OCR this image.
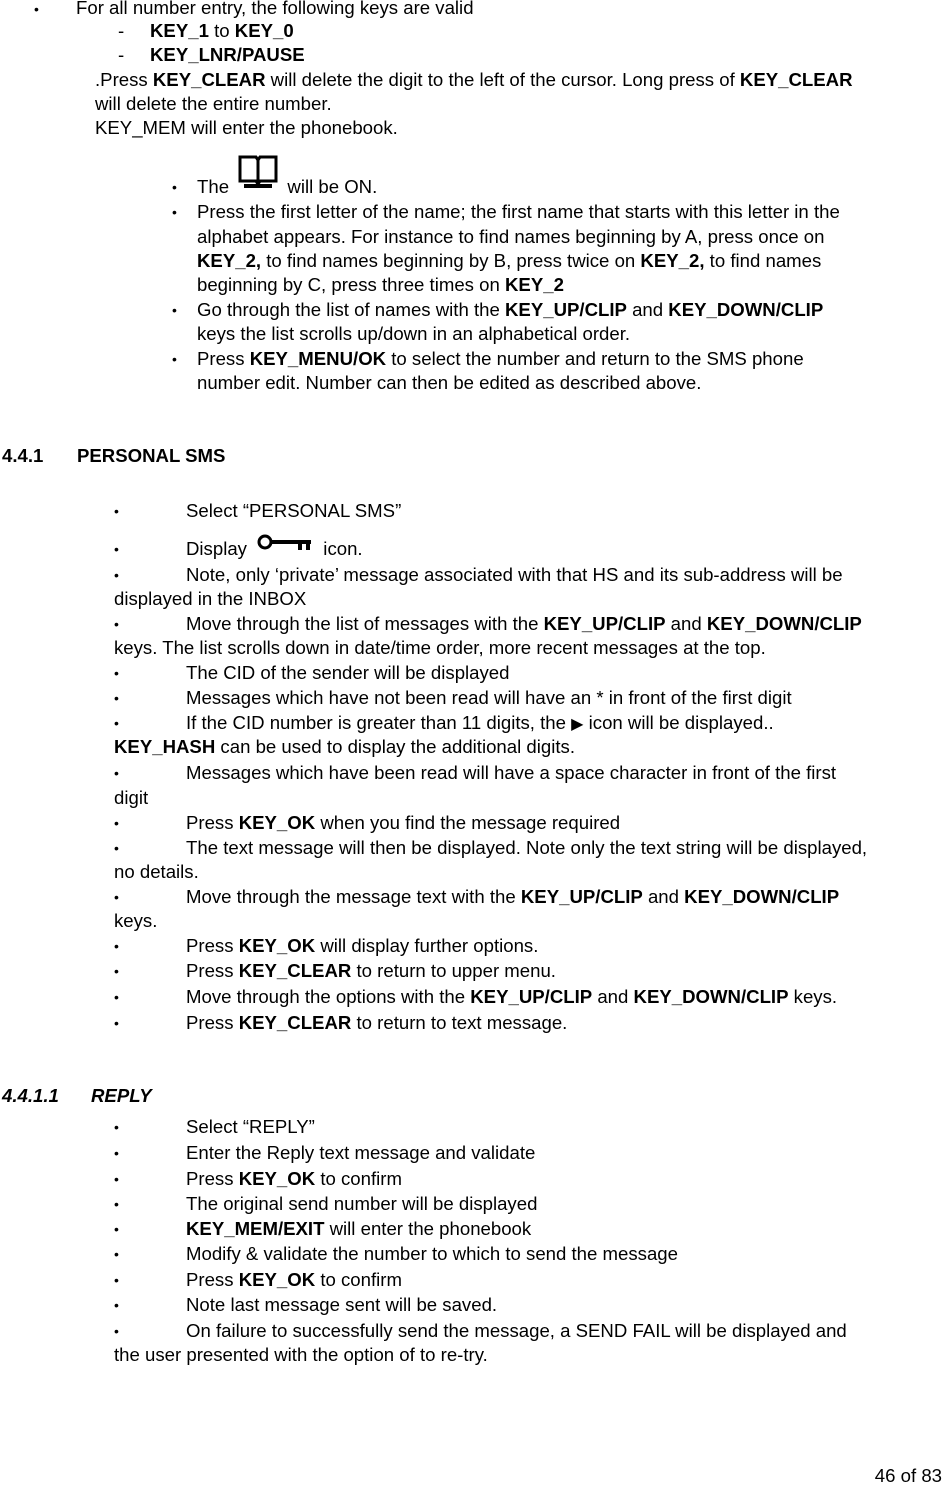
• For all number entry, the following keys are valid
- KEY_1 to KEY_0
- KEY_LNR/PAUSE
.Press KEY_CLEAR will delete the digit to the left of the cursor. Long press of KEY_CLEAR
will delete the entire number.
KEY_MEM will enter the phonebook.
• The	will be ON.
• Press the first letter of the name; the first name that starts with this letter in the
alphabet appears. For instance to find names beginning by A, press once on
KEY_2, to find names beginning by B, press twice on KEY_2, to find names
beginning by C, press three times on KEY_2
• Go through the list of names with the KEY_UP/CLIP and KEY_DOWN/CLIP
keys the list scrolls up/down in an alphabetical order.
• Press KEY_MENU/OK to select the number and return to the SMS phone
number edit. Number can then be edited as described above.
4.4.1 PERSONAL SMS
•	Select “PERSONAL SMS”
•	Display	icon.
•	Note, only ‘private’ message associated with that HS and its sub-address will be
displayed in the INBOX
•	Move through the list of messages with the KEY_UP/CLIP and KEY_DOWN/CLIP
keys. The list scrolls down in date/time order, more recent messages at the top.
•	The CID of the sender will be displayed
•	Messages which have not been read will have an * in front of the first digit
•	If the CID number is greater than 11 digits, the ▶ icon will be displayed..
KEY_HASH can be used to display the additional digits.
•	Messages which have been read will have a space character in front of the first
digit
•	Press KEY_OK when you find the message required
•	The text message will then be displayed. Note only the text string will be displayed,
no details.
•	Move through the message text with the KEY_UP/CLIP and KEY_DOWN/CLIP
keys.
•	Press KEY_OK will display further options.
•	Press KEY_CLEAR to return to upper menu.
•	Move through the options with the KEY_UP/CLIP and KEY_DOWN/CLIP keys.
•	Press KEY_CLEAR to return to text message.
4.4.1.1 REPLY
•	Select “REPLY”
•	Enter the Reply text message and validate
•	Press KEY_OK to confirm
•	The original send number will be displayed
•	KEY_MEM/EXIT will enter the phonebook
•	Modify & validate the number to which to send the message
•	Press KEY_OK to confirm
•	Note last message sent will be saved.
•	On failure to successfully send the message, a SEND FAIL will be displayed and
the user presented with the option of to re-try.
46 of 83
